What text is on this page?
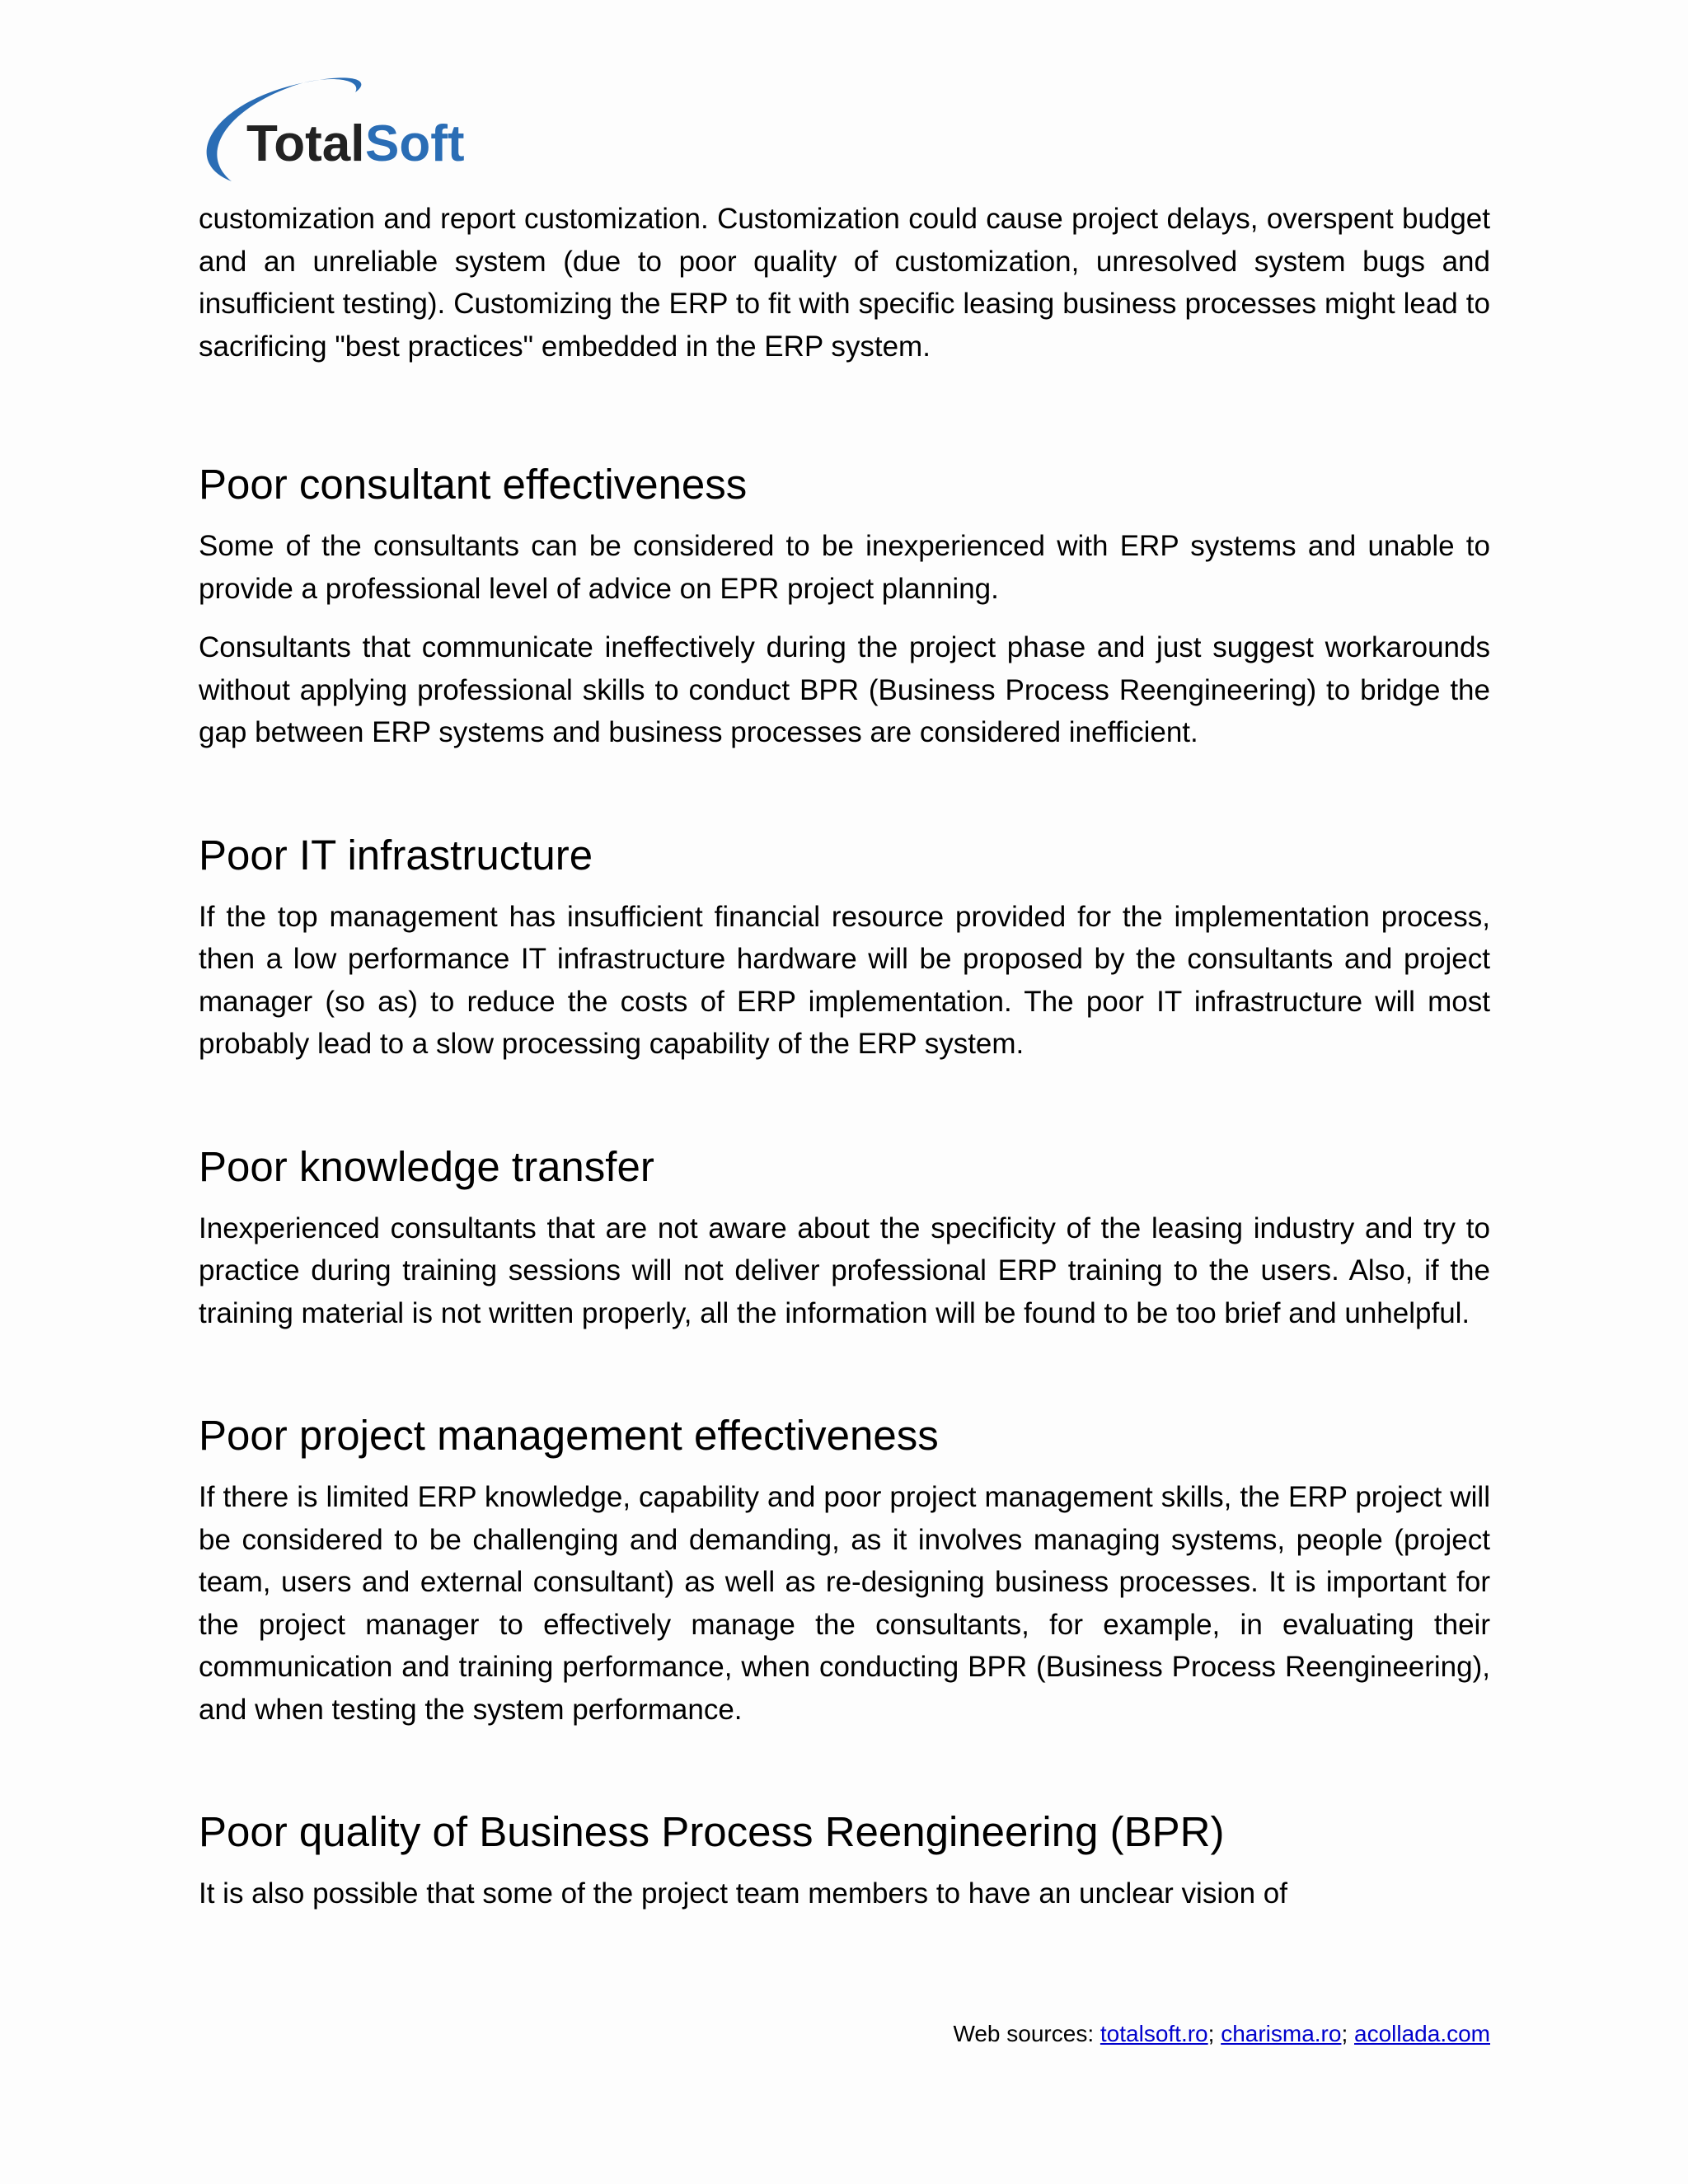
Total Soft

customization and report customization. Customization could cause project delays, overspent budget and an unreliable system (due to poor quality of customization, unresolved system bugs and insufficient testing). Customizing the ERP to fit with specific leasing business processes might lead to sacrificing "best practices" embedded in the ERP system.

Poor consultant effectiveness

Some of the consultants can be considered to be inexperienced with ERP systems and unable to provide a professional level of advice on EPR project planning.

Consultants that communicate ineffectively during the project phase and just suggest workarounds without applying professional skills to conduct BPR (Business Process Reengineering) to bridge the gap between ERP systems and business processes are considered inefficient.

Poor IT infrastructure

If the top management has insufficient financial resource provided for the implementation process, then a low performance IT infrastructure hardware will be proposed by the consultants and project manager (so as) to reduce the costs of ERP implementation. The poor IT infrastructure will most probably lead to a slow processing capability of the ERP system.

Poor knowledge transfer

Inexperienced consultants that are not aware about the specificity of the leasing industry and try to practice during training sessions will not deliver professional ERP training to the users. Also, if the training material is not written properly, all the information will be found to be too brief and unhelpful.

Poor project management effectiveness

If there is limited ERP knowledge, capability and poor project management skills, the ERP project will be considered to be challenging and demanding, as it involves managing systems, people (project team, users and external consultant) as well as re-designing business processes. It is important for the project manager to effectively manage the consultants, for example, in evaluating their communication and training performance, when conducting BPR (Business Process Reengineering), and when testing the system performance.

Poor quality of Business Process Reengineering (BPR)

It is also possible that some of the project team members to have an unclear vision of

Web sources: totalsoft.ro; charisma.ro; acollada.com
